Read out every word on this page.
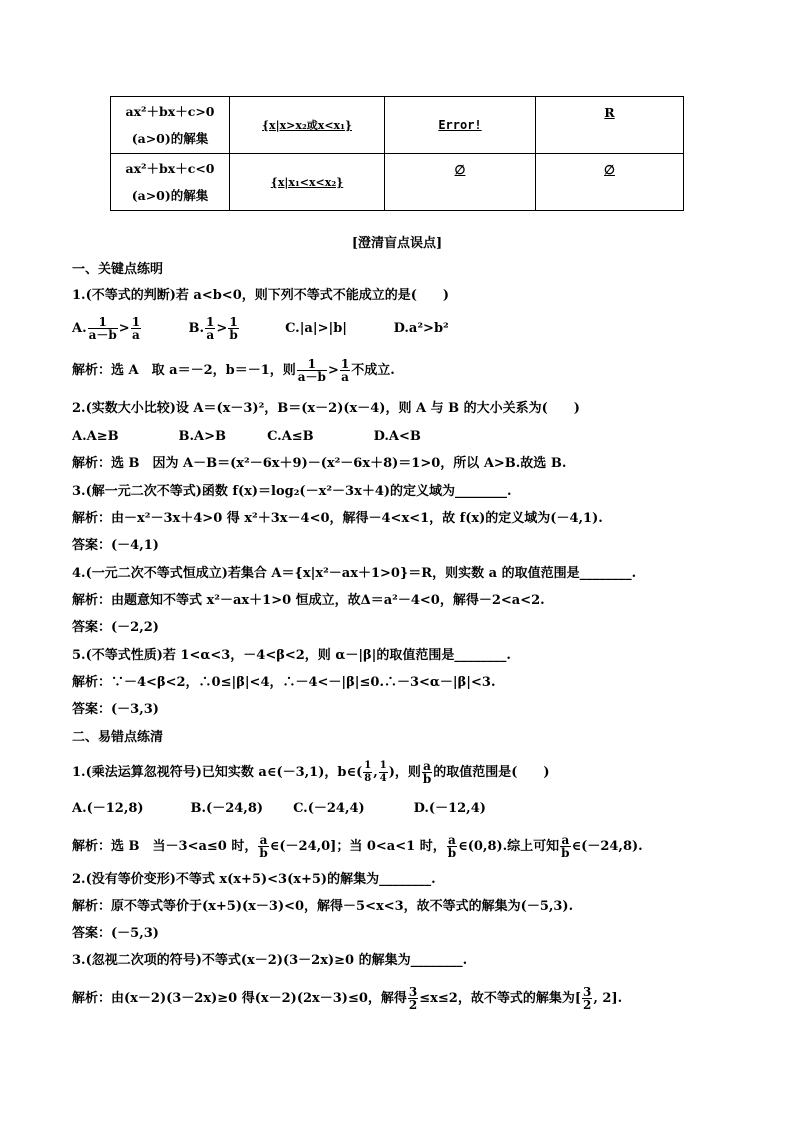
ax²＋bx＋c>0
(a>0)的解集	{x|x>x₂或x<x₁}	Error!	R

ax²＋bx＋c<0
(a>0)的解集	{x|x₁<x<x₂}	∅	∅
[澄清盲点误点]
一、关键点练明
1.(不等式的判断)若 a<b<0，则下列不等式不能成立的是(　　)
A. $\frac{1}{a-b} > \frac{1}{a}$	B. $\frac{1}{a} > \frac{1}{b}$	C.|a|>|b|	D.a²>b²
解析：选 A　取 a＝－2，b＝－1，则 $\frac{1}{a-b} > \frac{1}{a}$ 不成立.
2.(实数大小比较)设 A＝(x－3)²，B＝(x－2)(x－4)，则 A 与 B 的大小关系为(　　)
A.A≥B	B.A>B	C.A≤B	D.A<B
解析：选 B　因为 A－B＝(x²－6x＋9)－(x²－6x＋8)＝1>0，所以 A>B.故选 B.
3.(解一元二次不等式)函数 f(x)＝log₂(－x²－3x＋4)的定义域为________.
解析：由－x²－3x＋4>0 得 x²＋3x－4<0，解得－4<x<1，故 f(x)的定义域为(－4,1).
答案：(－4,1)
4.(一元二次不等式恒成立)若集合 A＝{x|x²－ax＋1>0}＝R，则实数 a 的取值范围是________.
解析：由题意知不等式 x²－ax＋1>0 恒成立，故Δ＝a²－4<0，解得－2<a<2.
答案：(－2,2)
5.(不等式性质)若 1<α<3，－4<β<2，则 α－|β|的取值范围是________.
解析：∵－4<β<2，∴0≤|β|<4，∴－4<－|β|≤0.∴－3<α－|β|<3.
答案：(－3,3)
二、易错点练清
1.(乘法运算忽视符号)已知实数 a∈(－3,1)，b∈( $\frac{1}{8}$ , $\frac{1}{4}$ )，则 $\frac{a}{b}$ 的取值范围是(　　)
A.(－12,8)	B.(－24,8) C.(－24,4)	D.(－12,4)
解析：选 B　当－3<a≤0 时， $\frac{a}{b}$ ∈(－24,0]；当 0<a<1 时， $\frac{a}{b}$ ∈(0,8).综上可知 $\frac{a}{b}$ ∈(－24,8).
2.(没有等价变形)不等式 x(x+5)<3(x+5)的解集为________.
解析：原不等式等价于(x+5)(x－3)<0，解得－5<x<3，故不等式的解集为(－5,3).
答案：(－5,3)
3.(忽视二次项的符号)不等式(x－2)(3－2x)≥0 的解集为________.
解析：由(x－2)(3－2x)≥0 得(x－2)(2x－3)≤0，解得 $\frac{3}{2} \le x\le 2$，故不等式的解集为[ $\frac{3}{2}$ , 2].
